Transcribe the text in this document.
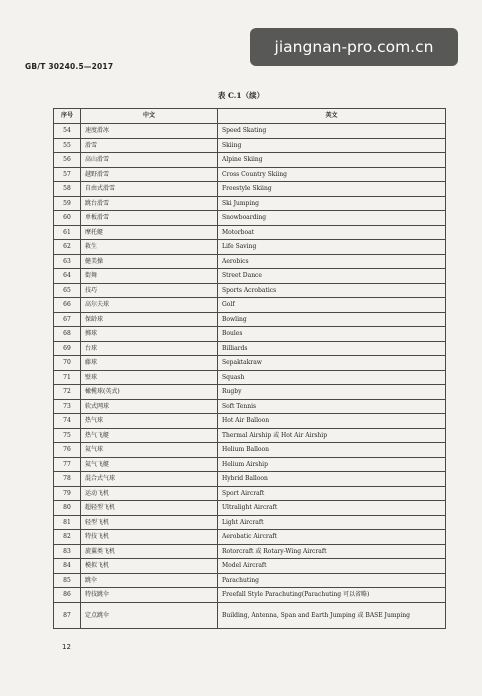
GB/T 30240.5—2017
jiangnan-pro.com.cn
表 C.1（续）
序号	中文	英文
54	速度滑冰	Speed Skating
55	滑雪	Skiing
56	高山滑雪	Alpine Skiing
57	越野滑雪	Cross Country Skiing
58	自由式滑雪	Freestyle Skiing
59	跳台滑雪	Ski Jumping
60	单板滑雪	Snowboarding
61	摩托艇	Motorboat
62	救生	Life Saving
63	健美操	Aerobics
64	街舞	Street Dance
65	技巧	Sports Acrobatics
66	高尔夫球	Golf
67	保龄球	Bowling
68	掷球	Boules
69	台球	Billiards
70	藤球	Sepaktakraw
71	壁球	Squash
72	橄榄球(英式)	Rugby
73	软式网球	Soft Tennis
74	热气球	Hot Air Balloon
75	热气飞艇	Thermal Airship 或 Hot Air Airship
76	氦气球	Helium Balloon
77	氦气飞艇	Helium Airship
78	混合式气球	Hybrid Balloon
79	运动飞机	Sport Aircraft
80	超轻型飞机	Ultralight Aircraft
81	轻型飞机	Light Aircraft
82	特技飞机	Aerobatic Aircraft
83	旋翼类飞机	Rotorcraft 或 Rotary-Wing Aircraft
84	模拟飞机	Model Aircraft
85	跳伞	Parachuting
86	特技跳伞	Freefall Style Parachuting(Parachuting 可以省略)
87	定点跳伞	Building, Antenna, Span and Earth Jumping 或 BASE Jumping
12
